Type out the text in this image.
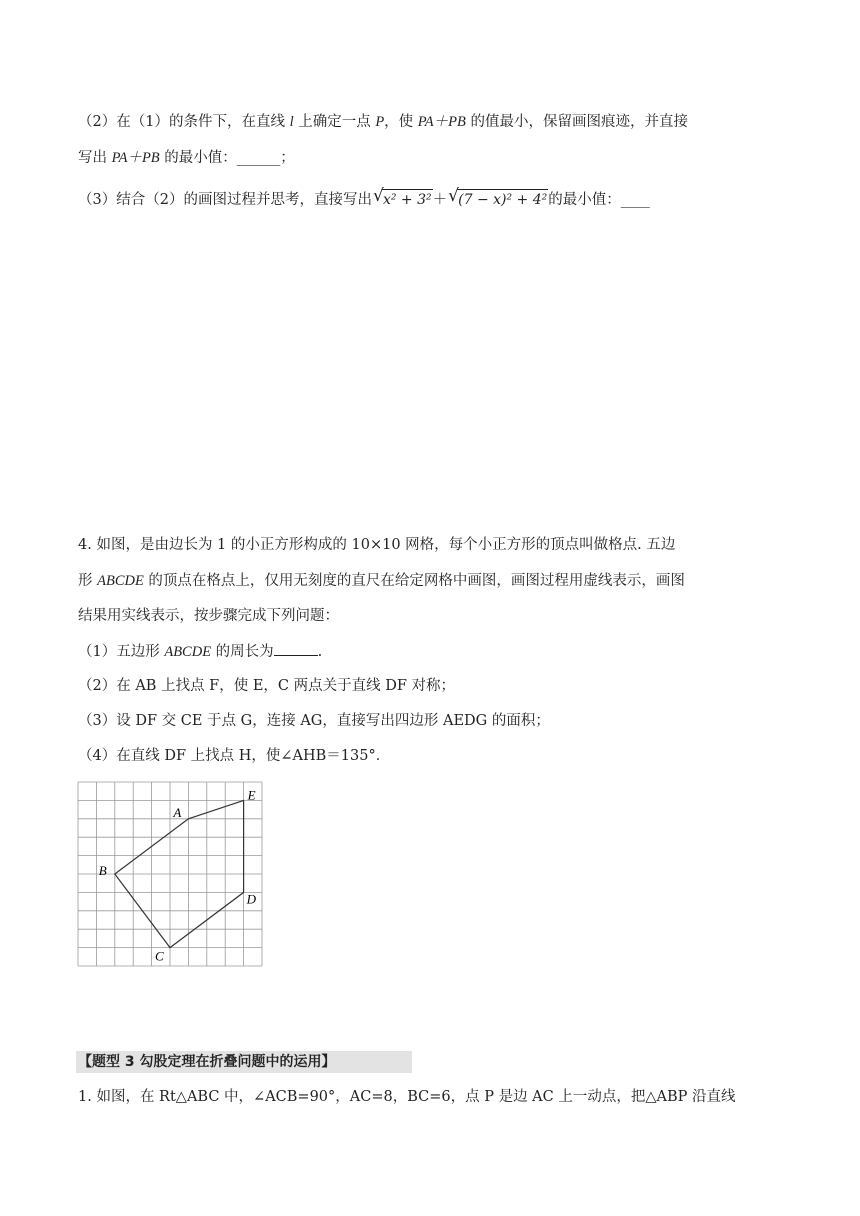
（2）在（1）的条件下，在直线 l 上确定一点 P，使 PA＋PB 的值最小，保留画图痕迹，并直接
写出 PA＋PB 的最小值：______；
（3）结合（2）的画图过程并思考，直接写出 √ x² + 3²＋ √ (7 − x)² + 4²的最小值：____
4. 如图，是由边长为 1 的小正方形构成的 10×10 网格，每个小正方形的顶点叫做格点. 五边
形 ABCDE 的顶点在格点上，仅用无刻度的直尺在给定网格中画图，画图过程用虚线表示，画图
结果用实线表示，按步骤完成下列问题：
（1）五边形 ABCDE 的周长为	.
（2）在 AB 上找点 F，使 E，C 两点关于直线 DF 对称；
（3）设 DF 交 CE 于点 G，连接 AG，直接写出四边形 AEDG 的面积；
（4）在直线 DF 上找点 H，使∠AHB＝135°．
A
B
C
D
E
【题型 3 勾股定理在折叠问题中的运用】
1. 如图，在 Rt△ABC 中，∠ACB=90°，AC=8，BC=6，点 P 是边 AC 上一动点，把△ABP 沿直线
